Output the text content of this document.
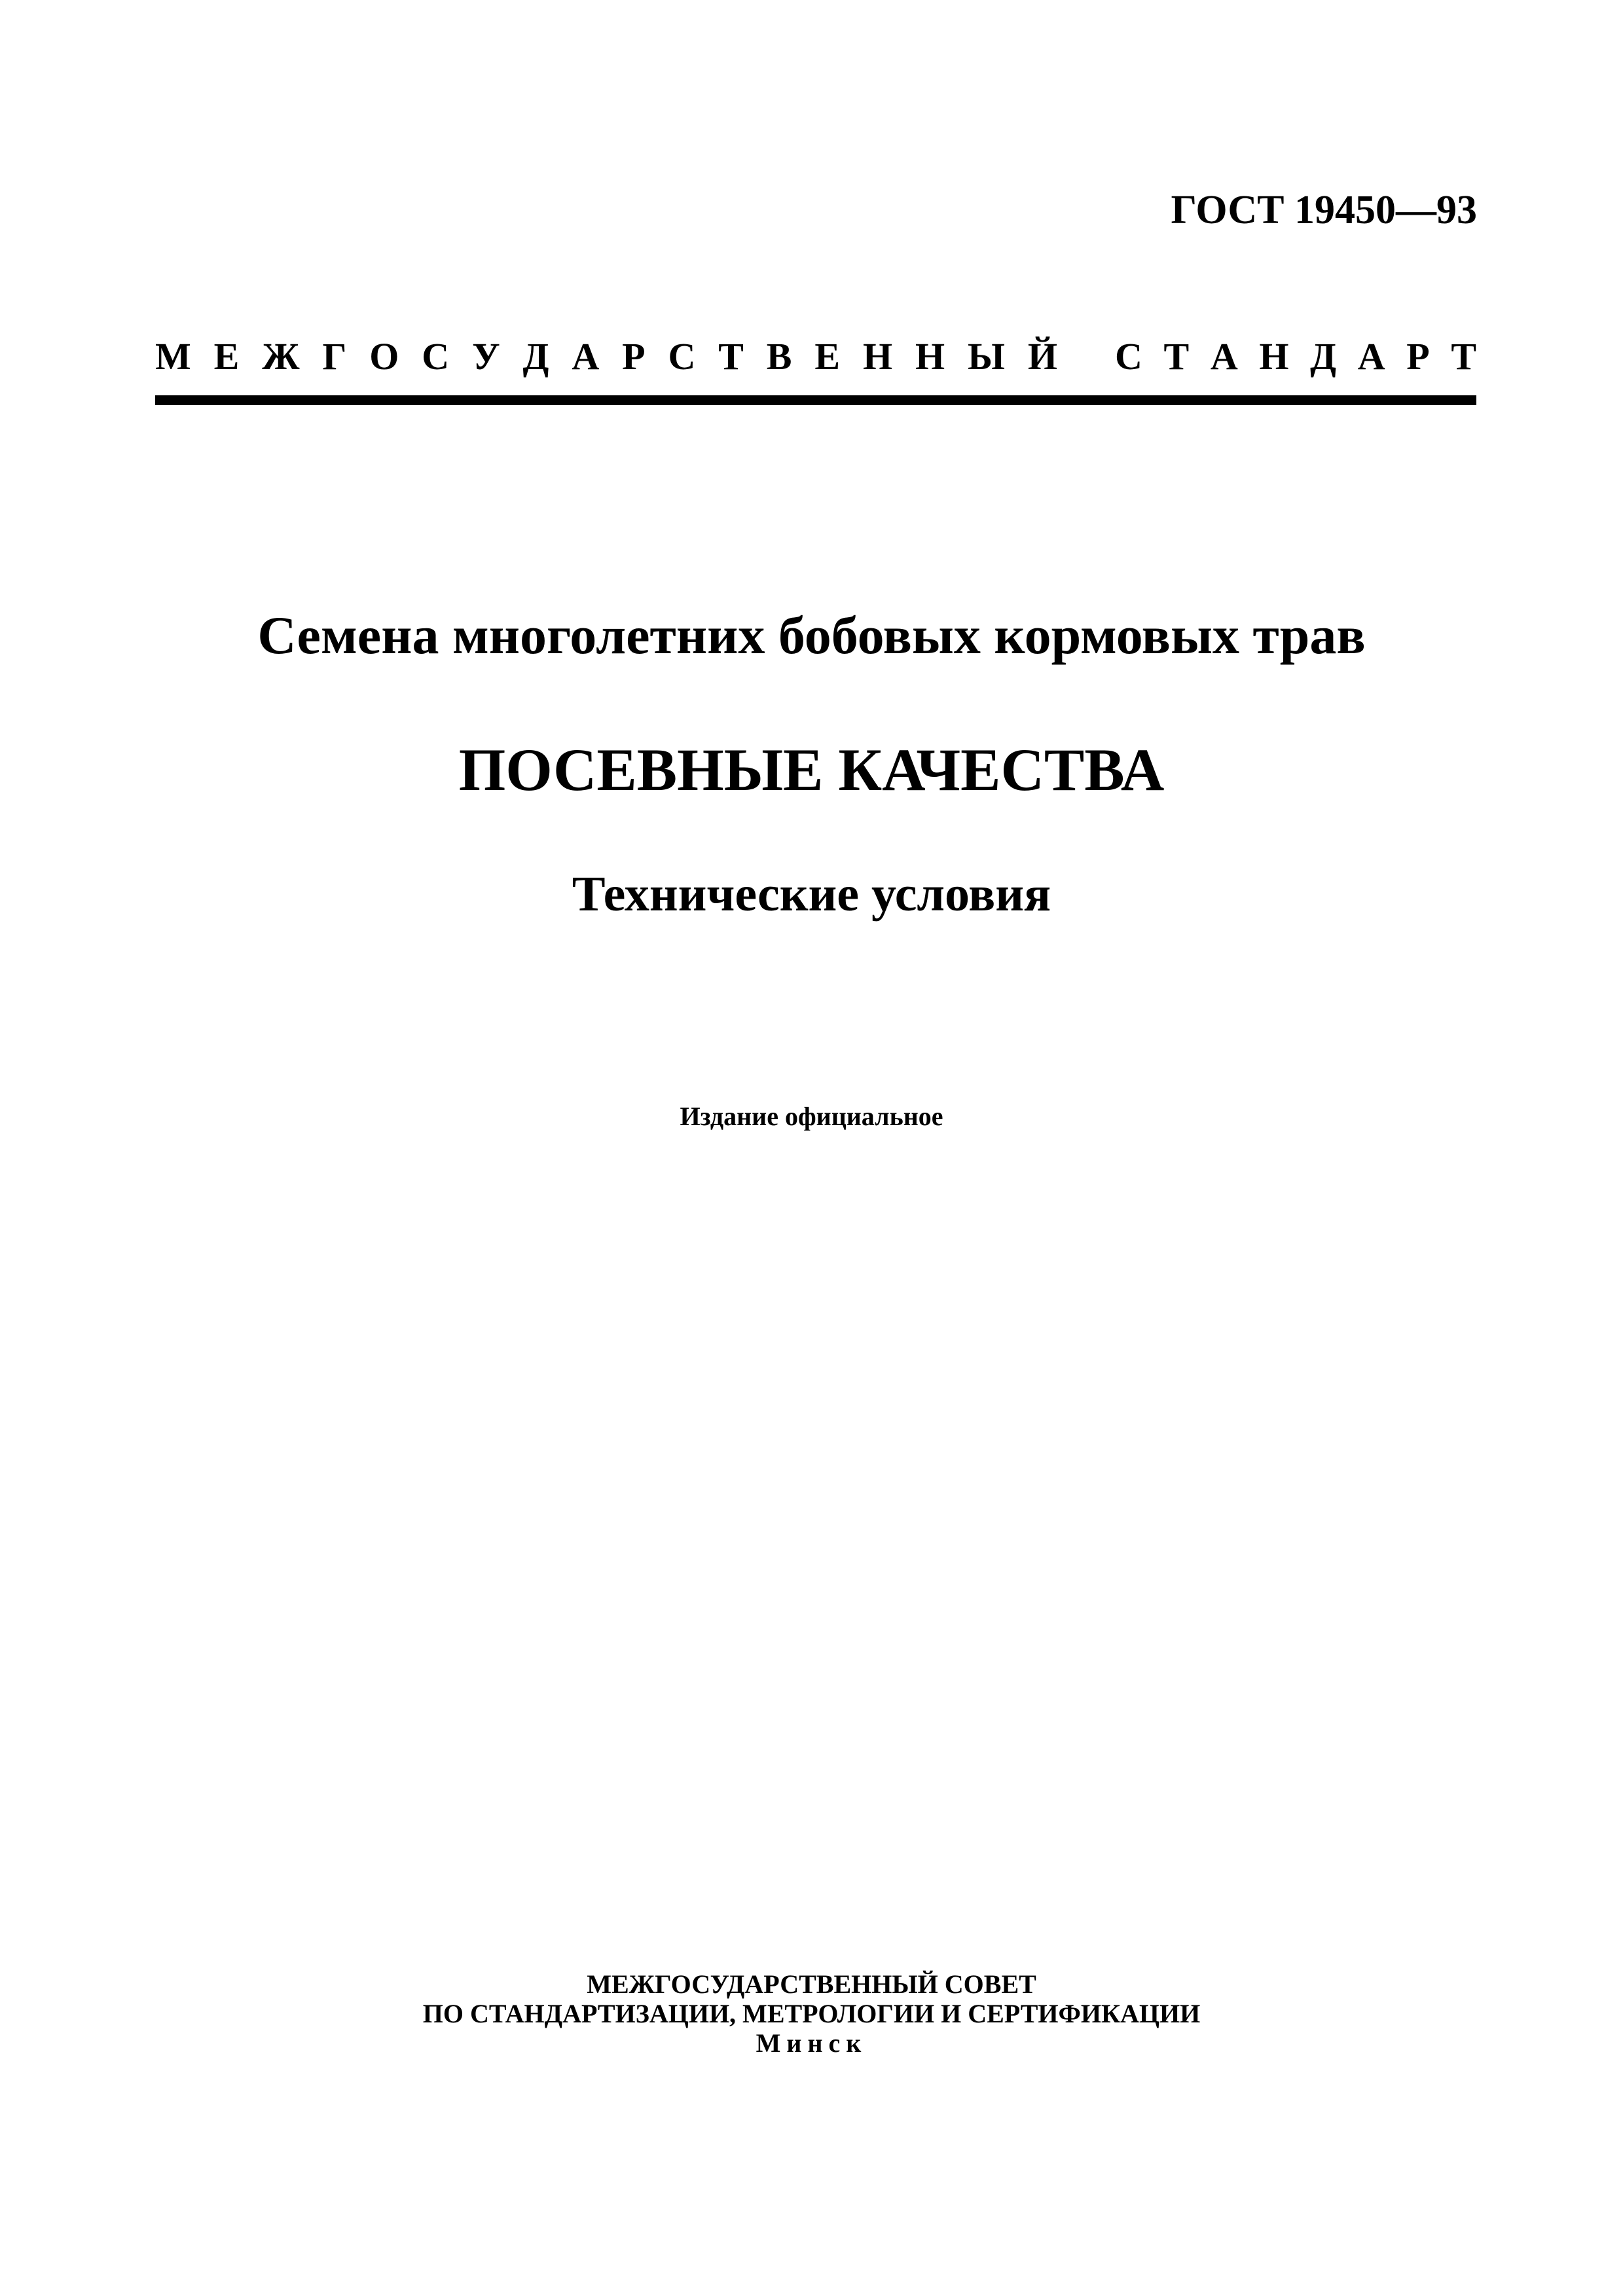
ГОСТ 19450—93
М Е Ж Г О С У Д А Р С Т В Е Н Н Ы Й С Т А Н Д А Р Т
Семена многолетних бобовых кормовых трав
ПОСЕВНЫЕ КАЧЕСТВА
Технические условия
Издание официальное
МЕЖГОСУДАРСТВЕННЫЙ СОВЕТ
ПО СТАНДАРТИЗАЦИИ, МЕТРОЛОГИИ И СЕРТИФИКАЦИИ
Минск
